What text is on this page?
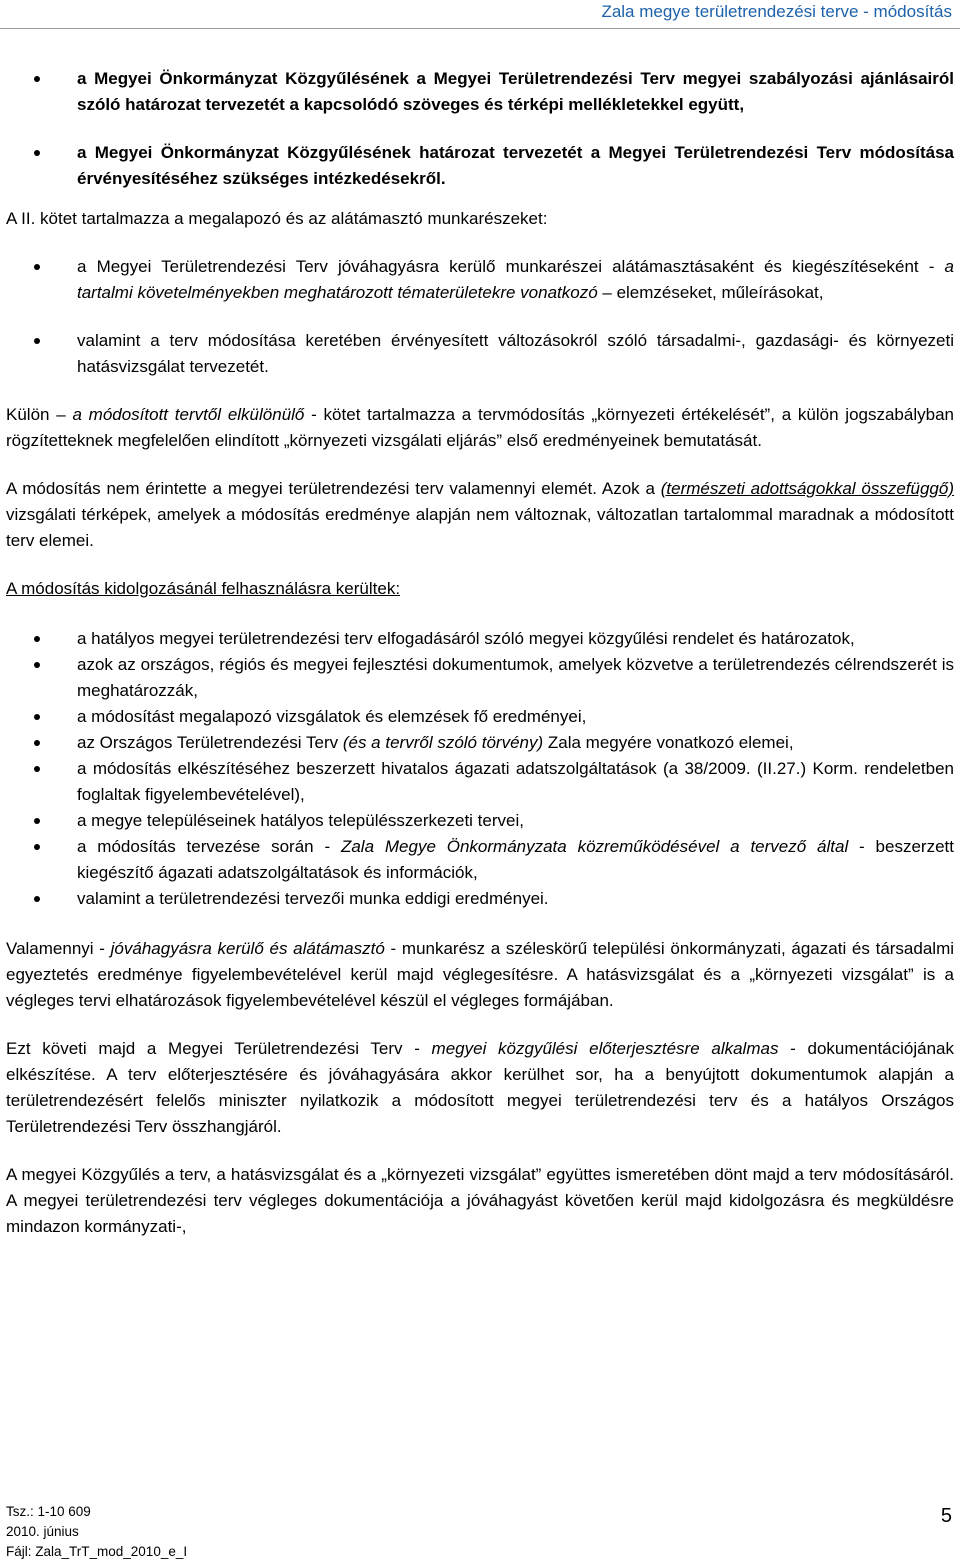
Zala megye területrendezési terve - módosítás
a Megyei Önkormányzat Közgyűlésének a Megyei Területrendezési Terv megyei szabályozási ajánlásairól szóló határozat tervezetét a kapcsolódó szöveges és térképi mellékletekkel együtt,
a Megyei Önkormányzat Közgyűlésének határozat tervezetét a Megyei Területrendezési Terv módosítása érvényesítéséhez szükséges intézkedésekről.

A II. kötet tartalmazza a megalapozó és az alátámasztó munkarészeket:

a Megyei Területrendezési Terv jóváhagyásra kerülő munkarészei alátámasztásaként és kiegészítéseként - a tartalmi követelményekben meghatározott tématerületekre vonatkozó – elemzéseket, műleírásokat,
valamint a terv módosítása keretében érvényesített változásokról szóló társadalmi-, gazdasági- és környezeti hatásvizsgálat tervezetét.

Külön – a módosított tervtől elkülönülő - kötet tartalmazza a tervmódosítás „környezeti értékelését”, a külön jogszabályban rögzítetteknek megfelelően elindított „környezeti vizsgálati eljárás” első eredményeinek bemutatását.

A módosítás nem érintette a megyei területrendezési terv valamennyi elemét. Azok a (természeti adottságokkal összefüggő) vizsgálati térképek, amelyek a módosítás eredménye alapján nem változnak, változatlan tartalommal maradnak a módosított terv elemei.

A módosítás kidolgozásánál felhasználásra kerültek:

a hatályos megyei területrendezési terv elfogadásáról szóló megyei közgyűlési rendelet és határozatok,
azok az országos, régiós és megyei fejlesztési dokumentumok, amelyek közvetve a területrendezés célrendszerét is meghatározzák,
a módosítást megalapozó vizsgálatok és elemzések fő eredményei,
az Országos Területrendezési Terv (és a tervről szóló törvény) Zala megyére vonatkozó elemei,
a módosítás elkészítéséhez beszerzett hivatalos ágazati adatszolgáltatások (a 38/2009. (II.27.) Korm. rendeletben foglaltak figyelembevételével),
a megye településeinek hatályos településszerkezeti tervei,
a módosítás tervezése során - Zala Megye Önkormányzata közreműködésével a tervező által - beszerzett kiegészítő ágazati adatszolgáltatások és információk,
valamint a területrendezési tervezői munka eddigi eredményei.

Valamennyi - jóváhagyásra kerülő és alátámasztó - munkarész a széleskörű települési önkormányzati, ágazati és társadalmi egyeztetés eredménye figyelembevételével kerül majd véglegesítésre. A hatásvizsgálat és a „környezeti vizsgálat” is a végleges tervi elhatározások figyelembevételével készül el végleges formájában.

Ezt követi majd a Megyei Területrendezési Terv - megyei közgyűlési előterjesztésre alkalmas - dokumentációjának elkészítése. A terv előterjesztésére és jóváhagyására akkor kerülhet sor, ha a benyújtott dokumentumok alapján a területrendezésért felelős miniszter nyilatkozik a módosított megyei területrendezési terv és a hatályos Országos Területrendezési Terv összhangjáról.

A megyei Közgyűlés a terv, a hatásvizsgálat és a „környezeti vizsgálat” együttes ismeretében dönt majd a terv módosításáról. A megyei területrendezési terv végleges dokumentációja a jóváhagyást követően kerül majd kidolgozásra és megküldésre mindazon kormányzati-,

Tsz.: 1-10 609
2010. június
Fájl: Zala_TrT_mod_2010_e_I
5
